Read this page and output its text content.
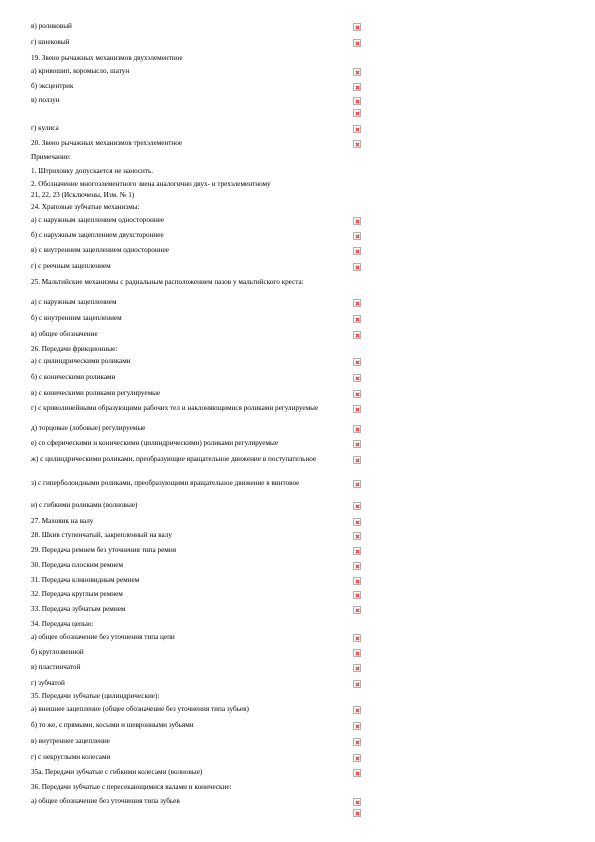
в) роликовый
г) шнековый
19. Звено рычажных механизмов двухэлементное
а) кривошип, коромысло, шатун
б) эксцентрик
в) ползун
г) кулиса
20. Звено рычажных механизмов трехэлементное
Примечание:
1. Штриховку допускается не наносить.
2. Обозначение многоэлементного звена аналогично двух- и трехэлементному
21, 22, 23 (Исключены, Изм. № 1)
24. Храповые зубчатые механизмы:
а) с наружным зацеплением одностороннее
б) с наружным зацеплением двухстороннее
в) с внутренним зацеплением одностороннее
г) с реечным зацеплением
25. Мальтийские механизмы с радиальным расположением пазов у мальтийского креста:
а) с наружным зацеплением
б) с внутренним зацеплением
в) общее обозначение
26. Передачи фрикционные:
а) с цилиндрическими роликами
б) с коническими роликами
в) с коническими роликами регулируемые
г) с криволинейными образующими рабочих тел и наклоняющимися роликами регулируемые
д) торцовые (лобовые) регулируемые
е) со сферическими и коническими (цилиндрическими) роликами регулируемые
ж) с цилиндрическими роликами, преобразующие вращательное движение в поступательное
з) с гиперболоидными роликами, преобразующими вращательное движение в винтовое
и) с гибкими роликами (волновые)
27. Маховик на валу
28. Шкив ступенчатый, закрепленный на валу
29. Передача ремнем без уточнения типа ремня
30. Передача плоским ремнем
31. Передача клиновидным ремнем
32. Передача круглым ремнем
33. Передача зубчатым ремнем
34. Передача цепью:
а) общее обозначение без уточнения типа цепи
б) круглозвенной
в) пластинчатой
г) зубчатой
35. Передачи зубчатые (цилиндрические):
а) внешнее зацепление (общее обозначение без уточнения типа зубьев)
б) то же, с прямыми, косыми и шевронными зубьями
в) внутреннее зацепление
г) с некруглыми колесами
35а. Передачи зубчатые с гибкими колесами (волновые)
36. Передачи зубчатые с пересекающимися валами и конические:
а) общее обозначение без уточнения типа зубьев
